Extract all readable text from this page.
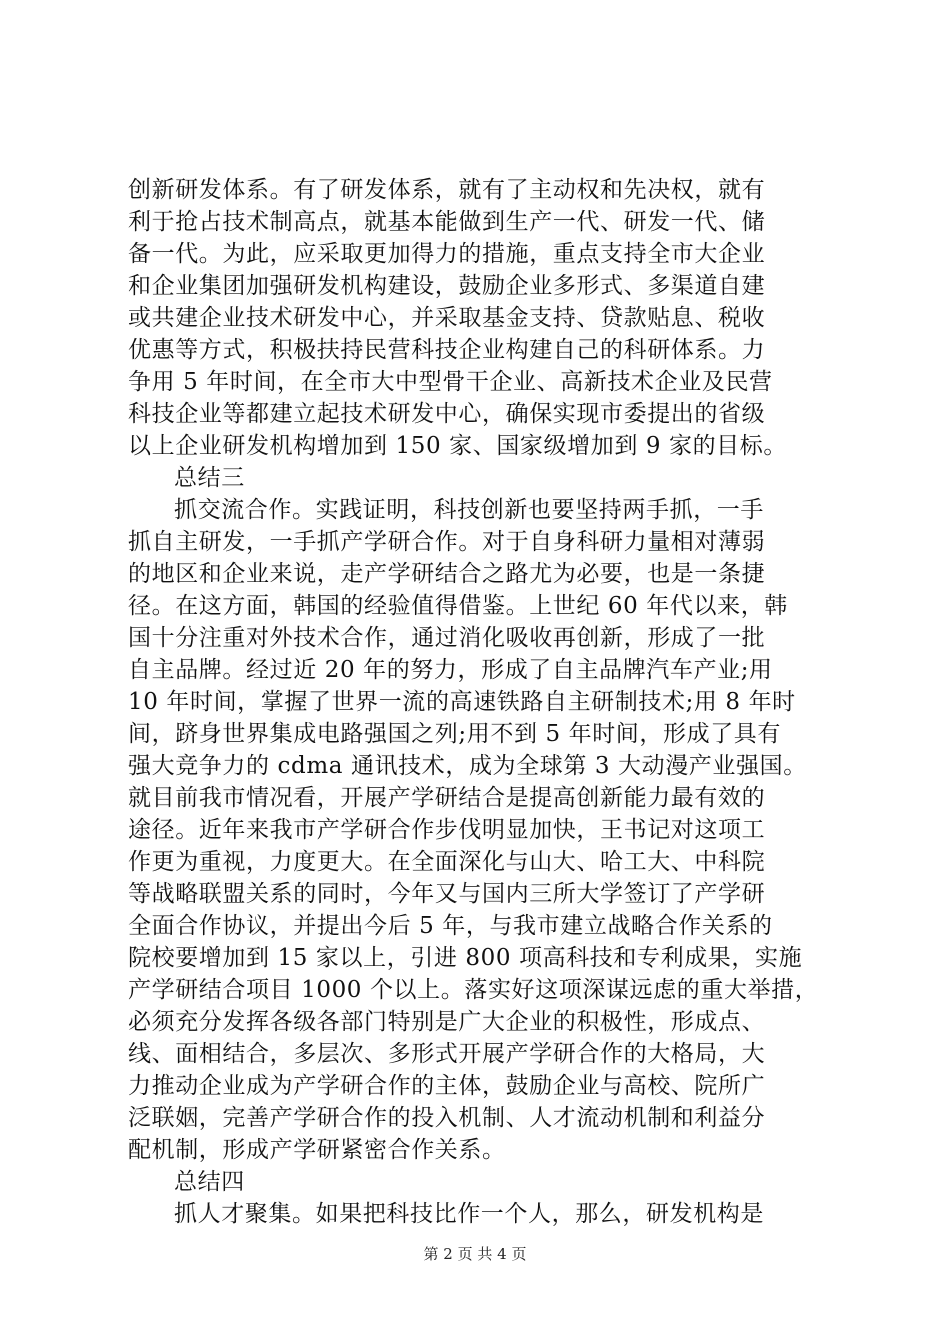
创新研发体系。有了研发体系，就有了主动权和先决权，就有
利于抢占技术制高点，就基本能做到生产一代、研发一代、储
备一代。为此，应采取更加得力的措施，重点支持全市大企业
和企业集团加强研发机构建设，鼓励企业多形式、多渠道自建
或共建企业技术研发中心，并采取基金支持、贷款贴息、税收
优惠等方式，积极扶持民营科技企业构建自己的科研体系。力
争用 5 年时间，在全市大中型骨干企业、高新技术企业及民营
科技企业等都建立起技术研发中心，确保实现市委提出的省级
以上企业研发机构增加到 150 家、国家级增加到 9 家的目标。
总结三
抓交流合作。实践证明，科技创新也要坚持两手抓，一手
抓自主研发，一手抓产学研合作。对于自身科研力量相对薄弱
的地区和企业来说，走产学研结合之路尤为必要，也是一条捷
径。在这方面，韩国的经验值得借鉴。上世纪 60 年代以来，韩
国十分注重对外技术合作，通过消化吸收再创新，形成了一批
自主品牌。经过近 20 年的努力，形成了自主品牌汽车产业;用
10 年时间，掌握了世界一流的高速铁路自主研制技术;用 8 年时
间，跻身世界集成电路强国之列;用不到 5 年时间，形成了具有
强大竞争力的 cdma 通讯技术，成为全球第 3 大动漫产业强国。
就目前我市情况看，开展产学研结合是提高创新能力最有效的
途径。近年来我市产学研合作步伐明显加快，王书记对这项工
作更为重视，力度更大。在全面深化与山大、哈工大、中科院
等战略联盟关系的同时，今年又与国内三所大学签订了产学研
全面合作协议，并提出今后 5 年，与我市建立战略合作关系的
院校要增加到 15 家以上，引进 800 项高科技和专利成果，实施
产学研结合项目 1000 个以上。落实好这项深谋远虑的重大举措，
必须充分发挥各级各部门特别是广大企业的积极性，形成点、
线、面相结合，多层次、多形式开展产学研合作的大格局，大
力推动企业成为产学研合作的主体，鼓励企业与高校、院所广
泛联姻，完善产学研合作的投入机制、人才流动机制和利益分
配机制，形成产学研紧密合作关系。
总结四
抓人才聚集。如果把科技比作一个人，那么，研发机构是
第 2 页 共 4 页
